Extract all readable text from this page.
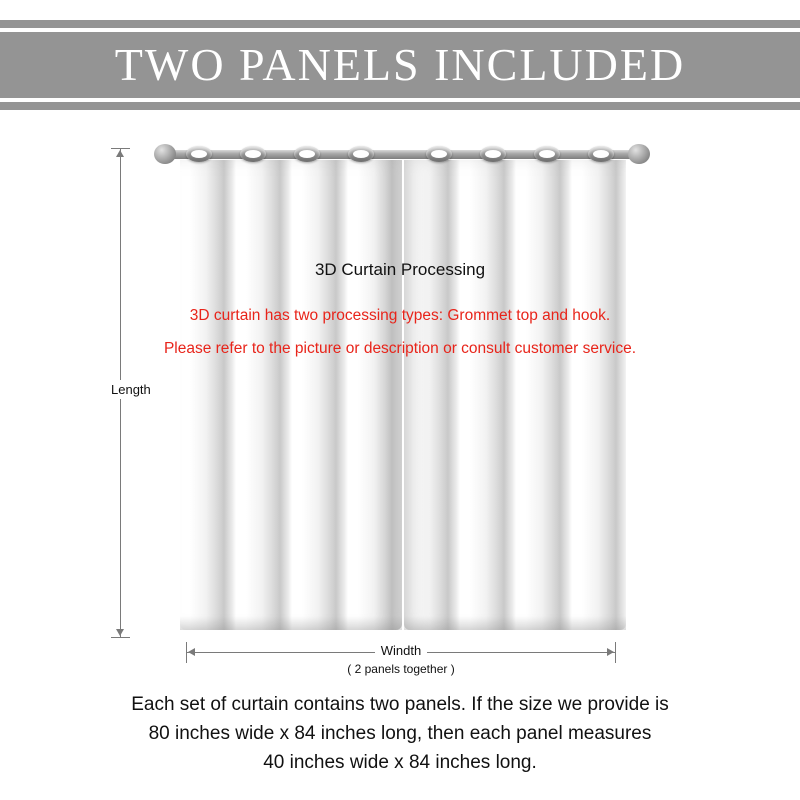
TWO PANELS INCLUDED
Length
Windth
( 2 panels together )
3D Curtain Processing
3D curtain has two processing types: Grommet top and hook.
Please refer to the picture or description or consult customer service.
Each set of curtain contains two panels. If the size we provide is
80 inches wide x 84 inches long, then each panel measures
40 inches wide x 84 inches long.
